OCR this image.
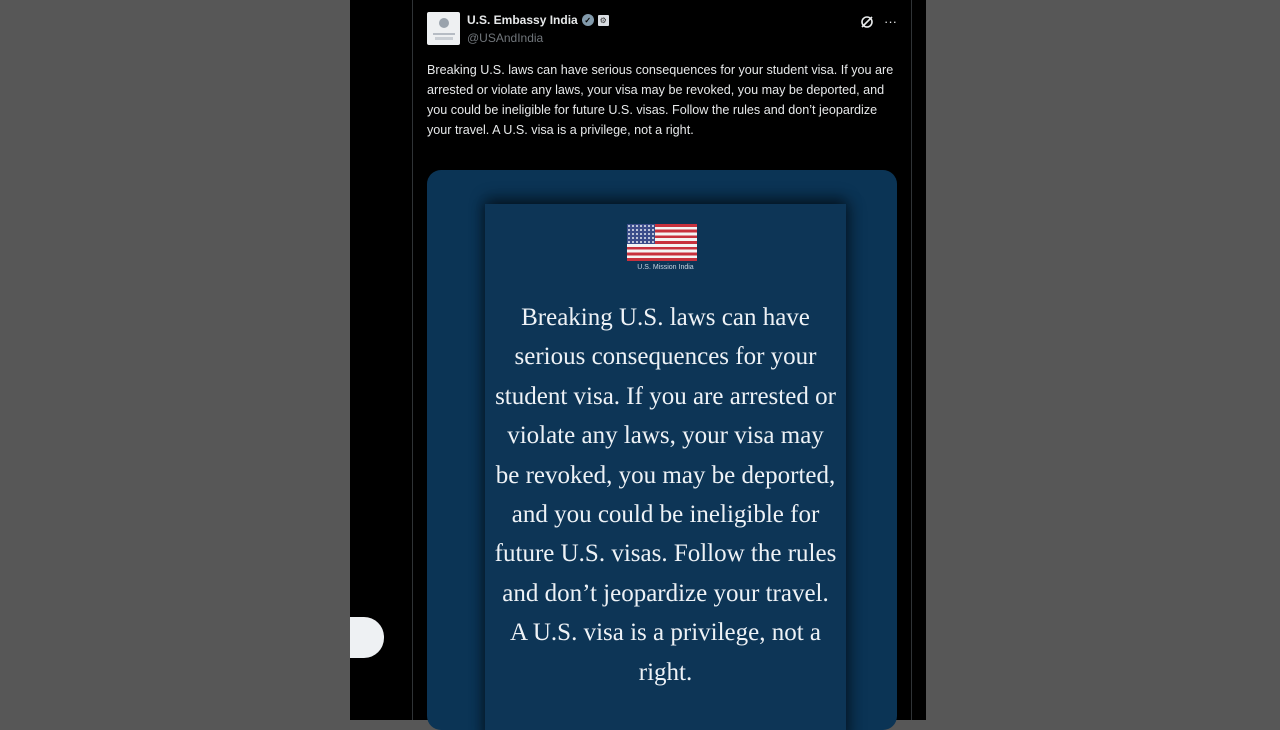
U.S. Embassy India ✓	⚙
@USAndIndia
···
Breaking U.S. laws can have serious consequences for your student visa. If you are arrested or violate any laws, your visa may be revoked, you may be deported, and you could be ineligible for future U.S. visas. Follow the rules and don’t jeopardize your travel. A U.S. visa is a privilege, not a right.
U.S. Mission India
Breaking U.S. laws can have serious consequences for your student visa. If you are arrested or violate any laws, your visa may be revoked, you may be deported, and you could be ineligible for future U.S. visas. Follow the rules and don’t jeopardize your travel. A U.S. visa is a privilege, not a right.
